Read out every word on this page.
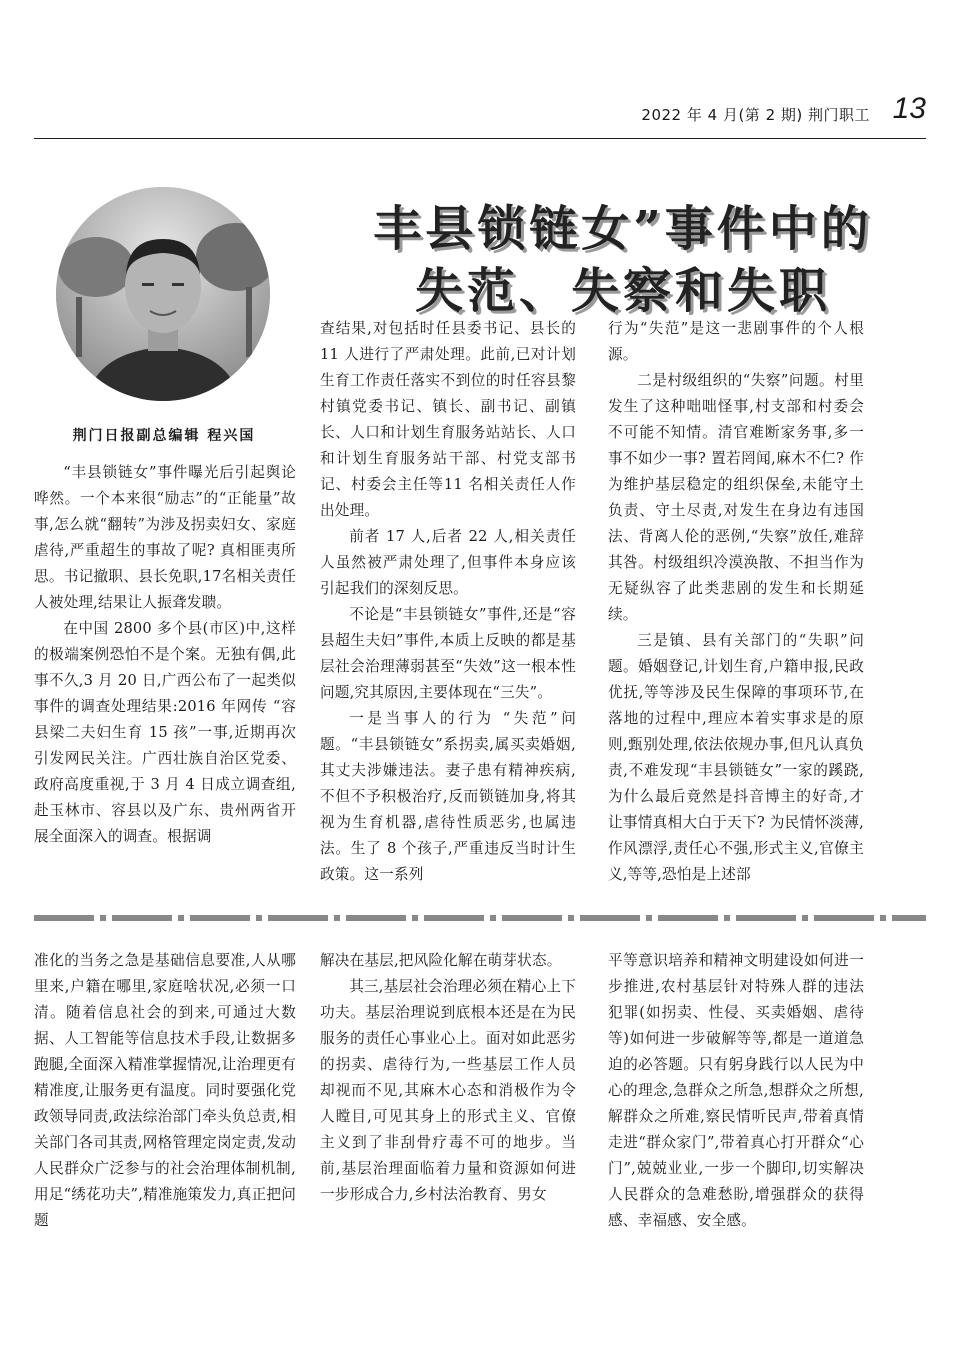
2022 年 4 月(第 2 期) 荆门职工 13
丰县锁链女”事件中的
失范、失察和失职
荆门日报副总编辑 程兴国

“丰县锁链女”事件曝光后引起舆论哗然。一个本来很“励志”的“正能量”故事,怎么就“翻转”为涉及拐卖妇女、家庭虐待,严重超生的事故了呢? 真相匪夷所思。书记撤职、县长免职,17名相关责任人被处理,结果让人振聋发聩。

在中国 2800 多个县(市区)中,这样的极端案例恐怕不是个案。无独有偶,此事不久,3 月 20 日,广西公布了一起类似事件的调查处理结果:2016 年网传 “容县梁二夫妇生育 15 孩”一事,近期再次引发网民关注。广西壮族自治区党委、政府高度重视,于 3 月 4 日成立调查组,赴玉林市、容县以及广东、贵州两省开展全面深入的调查。根据调

查结果,对包括时任县委书记、县长的 11 人进行了严肃处理。此前,已对计划生育工作责任落实不到位的时任容县黎村镇党委书记、镇长、副书记、副镇长、人口和计划生育服务站站长、人口和计划生育服务站干部、村党支部书记、村委会主任等11 名相关责任人作出处理。

前者 17 人,后者 22 人,相关责任人虽然被严肃处理了,但事件本身应该引起我们的深刻反思。

不论是“丰县锁链女”事件,还是“容县超生夫妇”事件,本质上反映的都是基层社会治理薄弱甚至“失效”这一根本性问题,究其原因,主要体现在“三失”。

一是当事人的行为 “失范”问题。“丰县锁链女”系拐卖,属买卖婚姻,其丈夫涉嫌违法。妻子患有精神疾病,不但不予积极治疗,反而锁链加身,将其视为生育机器,虐待性质恶劣,也属违法。生了 8 个孩子,严重违反当时计生政策。这一系列

行为“失范”是这一悲剧事件的个人根源。

二是村级组织的“失察”问题。村里发生了这种咄咄怪事,村支部和村委会不可能不知情。清官难断家务事,多一事不如少一事? 置若罔闻,麻木不仁? 作为维护基层稳定的组织保垒,未能守土负责、守土尽责,对发生在身边有违国法、背离人伦的恶例,“失察”放任,难辞其咎。村级组织冷漠涣散、不担当作为无疑纵容了此类悲剧的发生和长期延续。

三是镇、县有关部门的“失职”问题。婚姻登记,计划生育,户籍申报,民政优抚,等等涉及民生保障的事项环节,在落地的过程中,理应本着实事求是的原则,甄别处理,依法依规办事,但凡认真负责,不难发现“丰县锁链女”一家的蹊跷,为什么最后竟然是抖音博主的好奇,才让事情真相大白于天下? 为民情怀淡薄,作风漂浮,责任心不强,形式主义,官僚主义,等等,恐怕是上述部

准化的当务之急是基础信息要准,人从哪里来,户籍在哪里,家庭啥状况,必须一口清。随着信息社会的到来,可通过大数据、人工智能等信息技术手段,让数据多跑腿,全面深入精准掌握情况,让治理更有精准度,让服务更有温度。同时要强化党政领导同责,政法综治部门牵头负总责,相关部门各司其责,网格管理定岗定责,发动人民群众广泛参与的社会治理体制机制,用足“绣花功夫”,精准施策发力,真正把问题

解决在基层,把风险化解在萌芽状态。

其三,基层社会治理必须在精心上下功夫。基层治理说到底根本还是在为民服务的责任心事业心上。面对如此恶劣的拐卖、虐待行为,一些基层工作人员却视而不见,其麻木心态和消极作为令人瞠目,可见其身上的形式主义、官僚主义到了非刮骨疗毒不可的地步。当前,基层治理面临着力量和资源如何进一步形成合力,乡村法治教育、男女

平等意识培养和精神文明建设如何进一步推进,农村基层针对特殊人群的违法犯罪(如拐卖、性侵、买卖婚姻、虐待等)如何进一步破解等等,都是一道道急迫的必答题。只有躬身践行以人民为中心的理念,急群众之所急,想群众之所想,解群众之所难,察民情听民声,带着真情走进“群众家门”,带着真心打开群众“心门”,兢兢业业,一步一个脚印,切实解决人民群众的急难愁盼,增强群众的获得感、幸福感、安全感。
